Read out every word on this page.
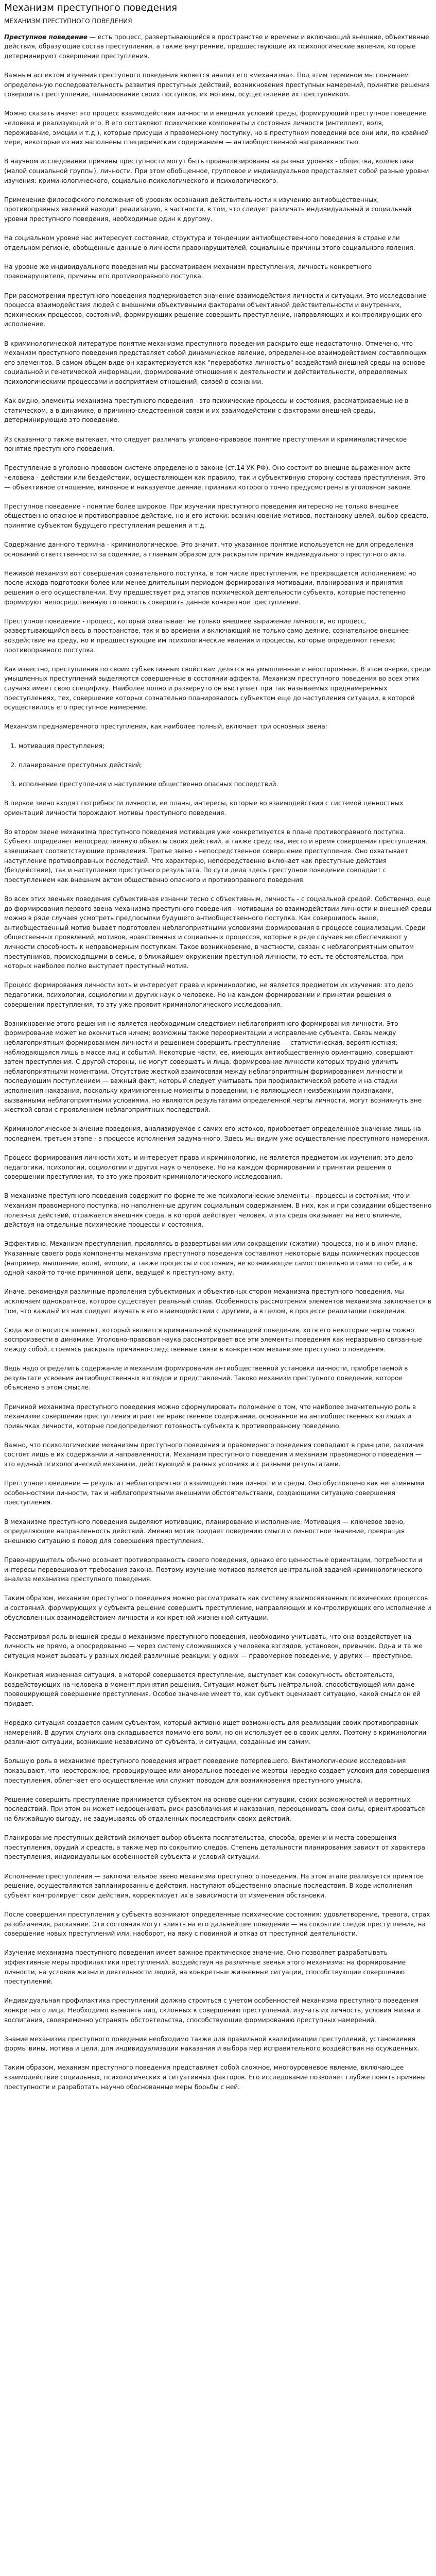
Механизм преступного поведения
МЕХАНИЗМ ПРЕСТУПНОГО ПОВЕДЕНИЯ

Преступное поведение — есть процесс, развертывающийся в пространстве и времени и включающий внешние, объективные действия, образующие состав преступления, а также внутренние, предшествующие их психологические явления, которые детерминируют совершение преступления.

Важным аспектом изучения преступного поведения является анализ его «механизма». Под этим термином мы понимаем определенную последовательность развития преступных действий, возникновения преступных намерений, принятие решения совершить преступление, планирование своих поступков, их мотивы, осуществление их преступником.

Можно сказать иначе: это процесс взаимодействия личности и внешних условий среды, формирующий преступное поведение человека и реализующий его. В его составляют психические компоненты и состояния личности (интеллект, воля, переживание, эмоции и т.д.), которые присущи и правомерному поступку, но в преступном поведении все они или, по крайней мере, некоторые из них наполнены специфическим содержанием — антиобщественной направленностью.

В научном исследовании причины преступности могут быть проанализированы на разных уровнях - общества, коллектива (малой социальной группы), личности. При этом обобщенное, групповое и индивидуальное представляет собой разные уровни изучения: криминологического, социально-психологического и психологического.

Применение философского положения об уровнях осознания действительности к изучению антиобщественных, противоправных явлений находит реализацию, в частности, в том, что следует различать индивидуальный и социальный уровни преступного поведения, необходимые один к другому.

На социальном уровне нас интересует состояние, структура и тенденции антиобщественного поведения в стране или отдельном регионе, обобщенные данные о личности правонарушителей, социальные причины этого социального явления.

На уровне же индивидуального поведения мы рассматриваем механизм преступления, личность конкретного правонарушителя, причины его противоправного поступка.

При рассмотрении преступного поведения подчеркивается значение взаимодействия личности и ситуации. Это исследование процесса взаимодействия людей с внешними объективными факторами объективной действительности и внутренних, психических процессов, состояний, формирующих решение совершить преступление, направляющих и контролирующих его исполнение.

В криминологической литературе понятие механизма преступного поведения раскрыто еще недостаточно. Отмечено, что механизм преступного поведения представляет собой динамическое явление, определенное взаимодействием составляющих его элементов. В самом общем виде он характеризуется как "переработка личностью" воздействий внешней среды на основе социальной и генетической информации, формирование отношения к деятельности и действительности, определяемых психологическими процессами и восприятием отношений, связей в сознании.

Как видно, элементы механизма преступного поведения - это психические процессы и состояния, рассматриваемые не в статическом, а в динамике, в причинно-следственной связи и их взаимодействии с факторами внешней среды, детерминирующие это поведение.

Из сказанного также вытекает, что следует различать уголовно-правовое понятие преступления и криминалистическое понятие преступного поведения.

Преступление в уголовно-правовом системе определено в законе (ст.14 УК РФ). Оно состоит во внешне выраженном акте человека - действии или бездействии, осуществляющем как правило, так и субъективную сторону состава преступления. Это — объективное отношение, виновное и наказуемое деяние, признаки которого точно предусмотрены в уголовном законе.

Преступное поведение - понятие более широкое. При изучении преступного поведения интересно не только внешнее общественно опасное и противоправное действие, но и его истоки: возникновение мотивов, постановку целей, выбор средств, принятие субъектом будущего преступления решения и т.д.

Содержание данного термина - криминологическое. Это значит, что указанное понятие используется не для определения оснований ответственности за содеяние, а главным образом для раскрытия причин индивидуального преступного акта.

Неживой механизм вот совершения сознательного поступка, в том числе преступления, не прекращается исполнением; но после исхода подготовки более или менее длительным периодом формирования мотивации, планирования и принятия решения о его осуществлении. Ему предшествует ряд этапов психической деятельности субъекта, которые постепенно формируют непосредственную готовность совершить данное конкретное преступление.

Преступное поведение - процесс, который охватывает не только внешнее выражение личности, но процесс, развертывающийся весь в пространстве, так и во времени и включающий не только само деяние, сознательное внешнее воздействие на среду, но и предшествующие им психологические явления и процессы, которые определяют генезис противоправного поступка.

Как известно, преступления по своим субъективным свойствам делятся на умышленные и неосторожные. В этом очерке, среди умышленных преступлений выделяются совершенные в состоянии аффекта. Механизм преступного поведения во всех этих случаях имеет свою специфику. Наиболее полно и развернуто он выступает при так называемых преднамеренных преступлениях, тех, совершение которых сознательно планировалось субъектом еще до наступления ситуации, в которой осуществилось его преступное намерение.

Механизм преднамеренного преступления, как наиболее полный, включает три основных звена:

1. мотивация преступления;
2. планирование преступных действий;
3. исполнение преступления и наступление общественно опасных последствий.

В первое звено входят потребности личности, ее планы, интересы, которые во взаимодействии с системой ценностных ориентаций личности порождают мотивы преступного поведения.

Во втором звене механизма преступного поведения мотивация уже конкретизуется в плане противоправного поступка. Субъект определяет непосредственную объекты своих действий, а также средства, место и время совершения преступления, взвешивает соответствующие проявления. Третье звено - непосредственное совершение преступления. Оно охватывает наступление противоправных последствий. Что характерно, непосредственно включает как преступные действия (бездействие), так и наступление преступного результата. По сути дела здесь преступное поведение совпадает с преступлением как внешним актом общественно опасного и противоправного поведения.

Во всех этих звеньях поведения субъективная изнанки тесно с объективным, личность - с социальной средой. Собственно, еще до формирования первого звена механизма преступного поведения - мотивации во взаимодействии личности и внешней среды можно в ряде случаев усмотреть предпосылки будущего антиобщественного поступка. Как совершилось выше, антиобщественный мотив бывает подготовлен неблагоприятными условиями формирования в процессе социализации. Среди общественных проявлений, мотивов, нравственных и социальных процессов, которые в ряде случаев не обеспечивают у личности способность к неправомерным поступкам. Такое возникновение, в частности, связан с неблагоприятным опытом преступников, происходящими в семье, в ближайшем окружении преступной личности, то есть те обстоятельства, при которых наиболее полно выступает преступный мотив.

Процесс формирования личности хоть и интересует права и криминологию, не является предметом их изучения: это дело педагогики, психологии, социологии и других наук о человеке. Но на каждом формировании и принятии решения о совершении преступления, то эту уже проявит криминологического исследования.

Возникновение этого решения не является необходимым следствием неблагоприятного формирования личности. Это формирование может не окончиться ничем; возможны также переориентации и исправление субъекта. Связь между неблагоприятным формированием личности и решением совершить преступление — статистическая, вероятностная; наблюдающаяся лишь в массе лиц и событий. Некоторые части, ее, имеющих антиобщественную ориентацию, совершают затем преступления. С другой стороны, не могут совершать и лица, формирование личности которых трудно уличить неблагоприятными моментами. Отсутствие жесткой взаимосвязи между неблагоприятным формированием личности и последующим поступлением — важный факт, который следует учитывать при профилактической работе и на стадии исполнения наказания, поскольку криминогенные моменты в поведении, не являющиеся неизбежными признаками, вызванными неблагоприятными условиями, но являются результатами определенной черты личности, могут возникнуть вне жесткой связи с проявлением неблагоприятных последствий.

Криминологическое значение поведения, анализируемое с самих его истоков, приобретает определенное значение лишь на последнем, третьем этапе - в процессе исполнения задуманного. Здесь мы видим уже осуществление преступного намерения.

Процесс формирования личности хоть и интересует права и криминологию, не является предметом их изучения: это дело педагогики, психологии, социологии и других наук о человеке. Но на каждом формировании и принятии решения о совершении преступления, то это уже проявит криминологического исследования.

В механизме преступного поведения содержит по форме те же психологические элементы - процессы и состояния, что и механизм правомерного поступка, но наполненные другим социальным содержанием. В них, как и при созидании общественно полезных действий, отражается внешняя среда, в которой действует человек, и эта среда оказывает на него влияние, действуя на отдельные психические процессы и состояния.

Эффективно. Механизм преступления, проявляясь в развертывании или сокращении (сжатии) процесса, но и в ином плане. Указанные своего рода компоненты механизма преступного поведения составляют некоторые виды психических процессов (например, мышление, воля), эмоции, а также процессы и состояния, не возникающие самостоятельно и сами по себе, а в одной какой-то точке причинной цепи, ведущей к преступному акту.

Иначе, рекомендуя различные проявления субъективных и объективных сторон механизма преступного поведения, мы исключаем однократное, которое существует реальный сплав. Особенность рассмотрения элементов механизма заключается в том, что каждый из них следует изучать в его взаимодействии с другими, а в целом, в процессе реализации поведения.

Сюда же относится элемент, который является криминальной кульминацией поведения, хотя его некоторые черты можно воспроизвести в динамике. Уголовно-правовая наука рассматривает все эти элементы поведения как неразрывно связанные между собой, стремясь раскрыть причинно-следственные связи в конкретном механизме преступного поведения.

Ведь надо определить содержание и механизм формирования антиобщественной установки личности, приобретаемой в результате усвоения антиобщественных взглядов и представлений. Таково механизм преступного поведения, которое объяснено в этом смысле.

Причиной механизма преступного поведения можно сформулировать положение о том, что наиболее значительную роль в механизме совершения преступления играет ее нравственное содержание, основанное на антиобщественных взглядах и привычках личности, которые предопределяют готовность субъекта к противоправному поведению.

Важно, что психологические механизмы преступного поведения и правомерного поведения совпадают в принципе, различия состоят лишь в их содержании и направленности. Механизм преступного поведения и механизм правомерного поведения — это единый психологический механизм, действующий в разных условиях и с разными результатами.

Преступное поведение — результат неблагоприятного взаимодействия личности и среды. Оно обусловлено как негативными особенностями личности, так и неблагоприятными внешними обстоятельствами, создающими ситуацию совершения преступления.

В механизме преступного поведения выделяют мотивацию, планирование и исполнение. Мотивация — ключевое звено, определяющее направленность действий. Именно мотив придает поведению смысл и личностное значение, превращая внешнюю ситуацию в повод для совершения преступления.

Правонарушитель обычно осознает противоправность своего поведения, однако его ценностные ориентации, потребности и интересы перевешивают требования закона. Поэтому изучение мотивов является центральной задачей криминологического анализа механизма преступного поведения.

Таким образом, механизм преступного поведения можно рассматривать как систему взаимосвязанных психических процессов и состояний, формирующих у субъекта решение совершить преступление, направляющих и контролирующих его исполнение и обусловленных взаимодействием личности и конкретной жизненной ситуации.

Рассматривая роль внешней среды в механизме преступного поведения, необходимо учитывать, что она воздействует на личность не прямо, а опосредованно — через систему сложившихся у человека взглядов, установок, привычек. Одна и та же ситуация может вызвать у разных людей различные реакции: у одних — правомерное поведение, у других — преступное.

Конкретная жизненная ситуация, в которой совершается преступление, выступает как совокупность обстоятельств, воздействующих на человека в момент принятия решения. Ситуация может быть нейтральной, способствующей или даже провоцирующей совершение преступления. Особое значение имеет то, как субъект оценивает ситуацию, какой смысл он ей придает.

Нередко ситуация создается самим субъектом, который активно ищет возможность для реализации своих противоправных намерений. В других случаях она складывается помимо его воли, но он использует ее в своих целях. Поэтому в криминологии различают ситуации, возникшие независимо от субъекта, и ситуации, созданные им самим.

Большую роль в механизме преступного поведения играет поведение потерпевшего. Виктимологические исследования показывают, что неосторожное, провоцирующее или аморальное поведение жертвы нередко создает условия для совершения преступления, облегчает его осуществление или служит поводом для возникновения преступного умысла.

Решение совершить преступление принимается субъектом на основе оценки ситуации, своих возможностей и вероятных последствий. При этом он может недооценивать риск разоблачения и наказания, переоценивать свои силы, ориентироваться на ближайшую выгоду, не задумываясь об отдаленных последствиях своих действий.

Планирование преступных действий включает выбор объекта посягательства, способа, времени и места совершения преступления, орудий и средств, а также мер по сокрытию следов. Степень детальности планирования зависит от характера преступления, индивидуальных особенностей субъекта и условий ситуации.

Исполнение преступления — заключительное звено механизма преступного поведения. На этом этапе реализуется принятое решение, осуществляются запланированные действия, наступают общественно опасные последствия. В ходе исполнения субъект контролирует свои действия, корректирует их в зависимости от изменения обстановки.

После совершения преступления у субъекта возникают определенные психические состояния: удовлетворение, тревога, страх разоблачения, раскаяние. Эти состояния могут влиять на его дальнейшее поведение — на сокрытие следов преступления, на совершение новых преступлений или, наоборот, на явку с повинной и отказ от преступной деятельности.

Изучение механизма преступного поведения имеет важное практическое значение. Оно позволяет разрабатывать эффективные меры профилактики преступлений, воздействуя на различные звенья этого механизма: на формирование личности, на условия жизни и деятельности людей, на конкретные жизненные ситуации, способствующие совершению преступлений.

Индивидуальная профилактика преступлений должна строиться с учетом особенностей механизма преступного поведения конкретного лица. Необходимо выявлять лиц, склонных к совершению преступлений, изучать их личность, условия жизни и воспитания, своевременно устранять обстоятельства, способствующие формированию преступных намерений.

Знание механизма преступного поведения необходимо также для правильной квалификации преступлений, установления формы вины, мотива и цели, для индивидуализации наказания и выбора мер исправительного воздействия на осужденных.

Таким образом, механизм преступного поведения представляет собой сложное, многоуровневое явление, включающее взаимодействие социальных, психологических и ситуативных факторов. Его исследование позволяет глубже понять причины преступности и разработать научно обоснованные меры борьбы с ней.
